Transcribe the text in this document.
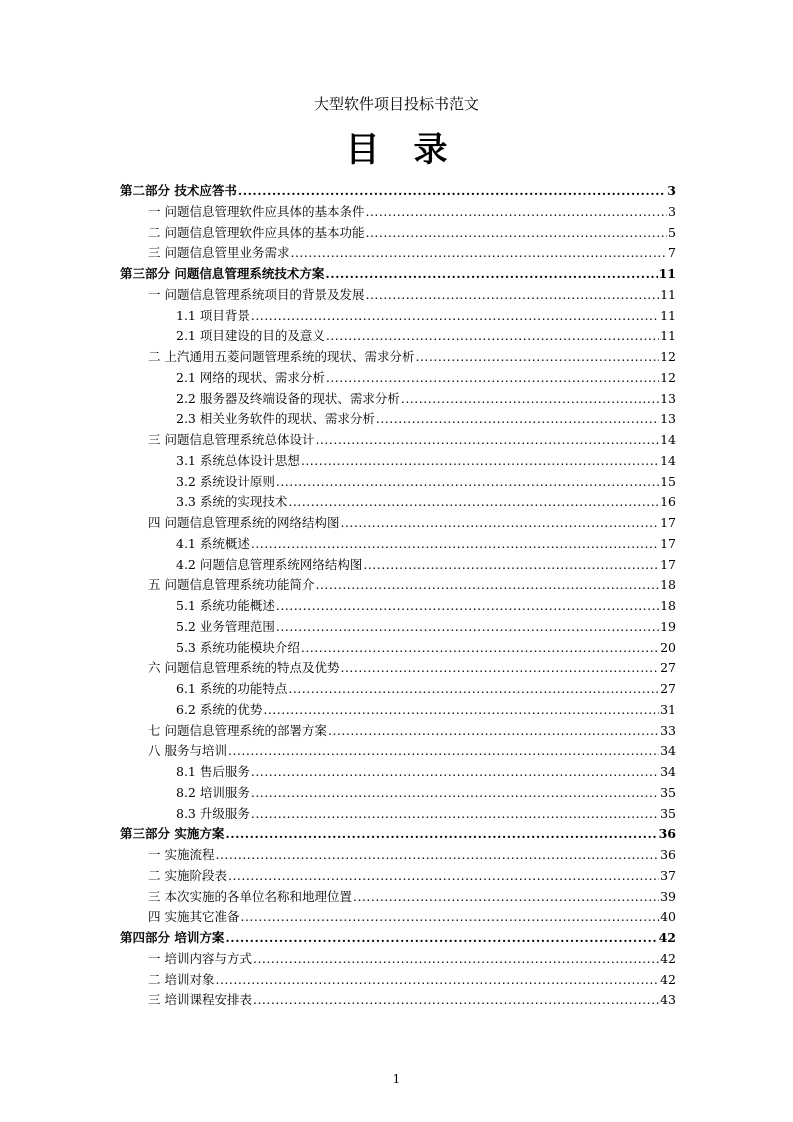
大型软件项目投标书范文
目录
第二部分 技术应答书 .....	3
一 问题信息管理软件应具体的基本条件 .....	3
二 问题信息管理软件应具体的基本功能 .....	5
三 问题信息管里业务需求 .....	7
第三部分 问题信息管理系统技术方案 .....	11
一 问题信息管理系统项目的背景及发展 .....	11
1.1 项目背景 .....	11
2.1 项目建设的目的及意义 .....	11
二 上汽通用五菱问题管理系统的现状、需求分析 .....	12
2.1 网络的现状、需求分析 .....	12
2.2 服务器及终端设备的现状、需求分析 .....	13
2.3 相关业务软件的现状、需求分析 .....	13
三 问题信息管理系统总体设计 .....	14
3.1 系统总体设计思想 .....	14
3.2 系统设计原则 .....	15
3.3 系统的实现技术 .....	16
四 问题信息管理系统的网络结构图 .....	17
4.1 系统概述 .....	17
4.2 问题信息管理系统网络结构图 .....	17
五 问题信息管理系统功能简介 .....	18
5.1 系统功能概述 .....	18
5.2 业务管理范围 .....	19
5.3 系统功能模块介绍 .....	20
六 问题信息管理系统的特点及优势 .....	27
6.1 系统的功能特点 .....	27
6.2 系统的优势 .....	31
七 问题信息管理系统的部署方案 .....	33
八 服务与培训 .....	34
8.1 售后服务 .....	34
8.2 培训服务 .....	35
8.3 升级服务 .....	35
第三部分 实施方案 .....	36
一 实施流程 .....	36
二 实施阶段表 .....	37
三 本次实施的各单位名称和地理位置 .....	39
四 实施其它准备 .....	40
第四部分 培训方案 .....	42
一 培训内容与方式 .....	42
二 培训对象 .....	42
三 培训课程安排表 .....	43
1
